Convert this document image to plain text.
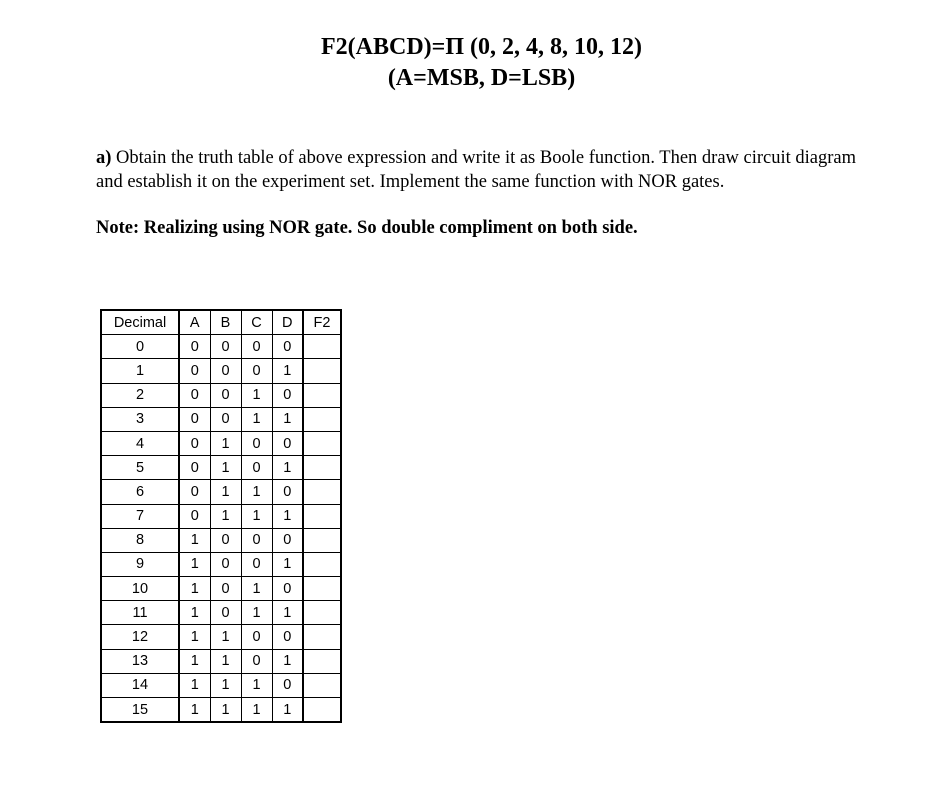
F2(ABCD)=Π (0, 2, 4, 8, 10, 12)
(A=MSB, D=LSB)

a) Obtain the truth table of above expression and write it as Boole function. Then draw circuit diagram and establish it on the experiment set. Implement the same function with NOR gates.

Note: Realizing using NOR gate. So double compliment on both side.

Decimal	A	B	C	D	F2
0	0	0	0	0	
1	0	0	0	1	
2	0	0	1	0	
3	0	0	1	1	
4	0	1	0	0	
5	0	1	0	1	
6	0	1	1	0	
7	0	1	1	1	
8	1	0	0	0	
9	1	0	0	1	
10	1	0	1	0	
11	1	0	1	1	
12	1	1	0	0	
13	1	1	0	1	
14	1	1	1	0	
15	1	1	1	1	
